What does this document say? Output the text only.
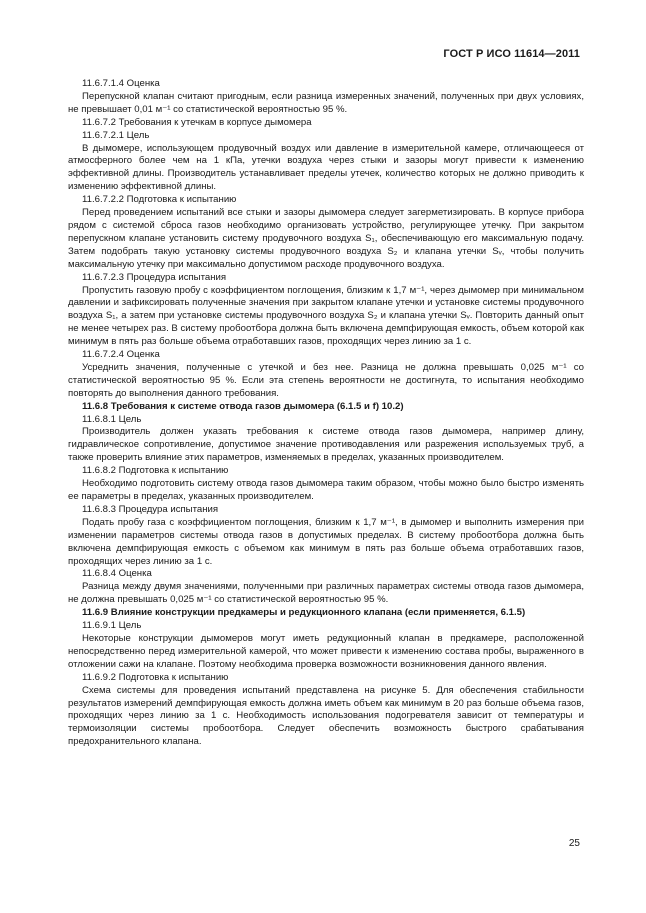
ГОСТ Р ИСО 11614—2011

11.6.7.1.4 Оценка

Перепускной клапан считают пригодным, если разница измеренных значений, полученных при двух условиях, не превышает 0,01 м⁻¹ со статистической вероятностью 95 %.

11.6.7.2 Требования к утечкам в корпусе дымомера

11.6.7.2.1 Цель

В дымомере, использующем продувочный воздух или давление в измерительной камере, отличающееся от атмосферного более чем на 1 кПа, утечки воздуха через стыки и зазоры могут привести к изменению эффективной длины. Производитель устанавливает пределы утечек, количество которых не должно приводить к изменению эффективной длины.

11.6.7.2.2 Подготовка к испытанию

Перед проведением испытаний все стыки и зазоры дымомера следует загерметизировать. В корпусе прибора рядом с системой сброса газов необходимо организовать устройство, регулирующее утечку. При закрытом перепускном клапане установить систему продувочного воздуха S₁, обеспечивающую его максимальную подачу. Затем подобрать такую установку системы продувочного воздуха S₂ и клапана утечки Sᵥ, чтобы получить максимальную утечку при максимально допустимом расходе продувочного воздуха.

11.6.7.2.3 Процедура испытания

Пропустить газовую пробу с коэффициентом поглощения, близким к 1,7 м⁻¹, через дымомер при минимальном давлении и зафиксировать полученные значения при закрытом клапане утечки и установке системы продувочного воздуха S₁, а затем при установке системы продувочного воздуха S₂ и клапана утечки Sᵥ. Повторить данный опыт не менее четырех раз. В систему пробоотбора должна быть включена демпфирующая емкость, объем которой как минимум в пять раз больше объема отработавших газов, проходящих через линию за 1 с.

11.6.7.2.4 Оценка

Усреднить значения, полученные с утечкой и без нее. Разница не должна превышать 0,025 м⁻¹ со статистической вероятностью 95 %. Если эта степень вероятности не достигнута, то испытания необходимо повторять до выполнения данного требования.

11.6.8 Требования к системе отвода газов дымомера (6.1.5 и f) 10.2)

11.6.8.1 Цель

Производитель должен указать требования к системе отвода газов дымомера, например длину, гидравлическое сопротивление, допустимое значение противодавления или разрежения используемых труб, а также проверить влияние этих параметров, изменяемых в пределах, указанных производителем.

11.6.8.2 Подготовка к испытанию

Необходимо подготовить систему отвода газов дымомера таким образом, чтобы можно было быстро изменять ее параметры в пределах, указанных производителем.

11.6.8.3 Процедура испытания

Подать пробу газа с коэффициентом поглощения, близким к 1,7 м⁻¹, в дымомер и выполнить измерения при изменении параметров системы отвода газов в допустимых пределах. В систему пробоотбора должна быть включена демпфирующая емкость с объемом как минимум в пять раз больше объема отработавших газов, проходящих через линию за 1 с.

11.6.8.4 Оценка

Разница между двумя значениями, полученными при различных параметрах системы отвода газов дымомера, не должна превышать 0,025 м⁻¹ со статистической вероятностью 95 %.

11.6.9 Влияние конструкции предкамеры и редукционного клапана (если применяется, 6.1.5)

11.6.9.1 Цель

Некоторые конструкции дымомеров могут иметь редукционный клапан в предкамере, расположенной непосредственно перед измерительной камерой, что может привести к изменению состава пробы, выраженного в отложении сажи на клапане. Поэтому необходима проверка возможности возникновения данного явления.

11.6.9.2 Подготовка к испытанию

Схема системы для проведения испытаний представлена на рисунке 5. Для обеспечения стабильности результатов измерений демпфирующая емкость должна иметь объем как минимум в 20 раз больше объема газов, проходящих через линию за 1 с. Необходимость использования подогревателя зависит от температуры и термоизоляции системы пробоотбора. Следует обеспечить возможность быстрого срабатывания предохранительного клапана.

25
